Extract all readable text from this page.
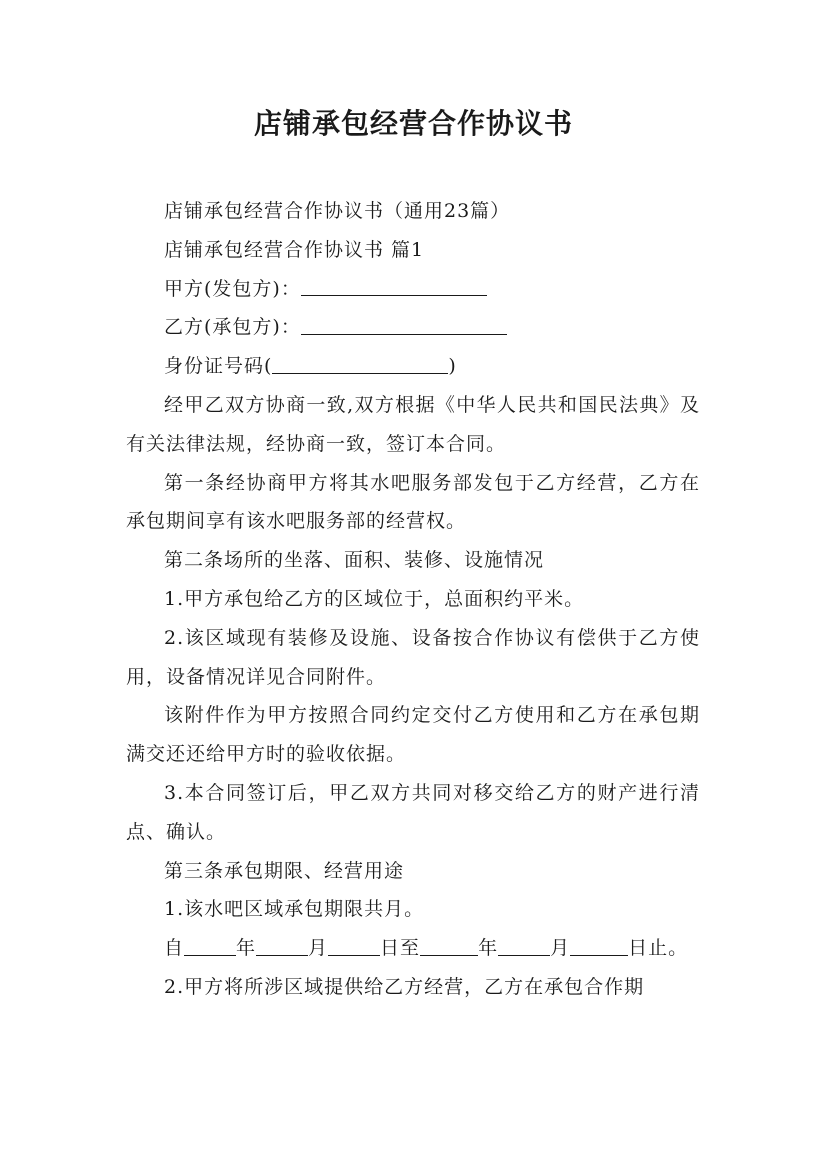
店铺承包经营合作协议书

店铺承包经营合作协议书（通用23篇）

店铺承包经营合作协议书 篇1

甲方(发包方)：

乙方(承包方)：

身份证号码(	)

经甲乙双方协商一致,双方根据《中华人民共和国民法典》及有关法律法规，经协商一致，签订本合同。

第一条经协商甲方将其水吧服务部发包于乙方经营，乙方在承包期间享有该水吧服务部的经营权。

第二条场所的坐落、面积、装修、设施情况

1.甲方承包给乙方的区域位于，总面积约平米。

2.该区域现有装修及设施、设备按合作协议有偿供于乙方使用，设备情况详见合同附件。

该附件作为甲方按照合同约定交付乙方使用和乙方在承包期满交还还给甲方时的验收依据。

3.本合同签订后，甲乙双方共同对移交给乙方的财产进行清点、确认。

第三条承包期限、经营用途

1.该水吧区域承包期限共月。

自	年	月	日至	年	月	日止。

2.甲方将所涉区域提供给乙方经营，乙方在承包合作期
